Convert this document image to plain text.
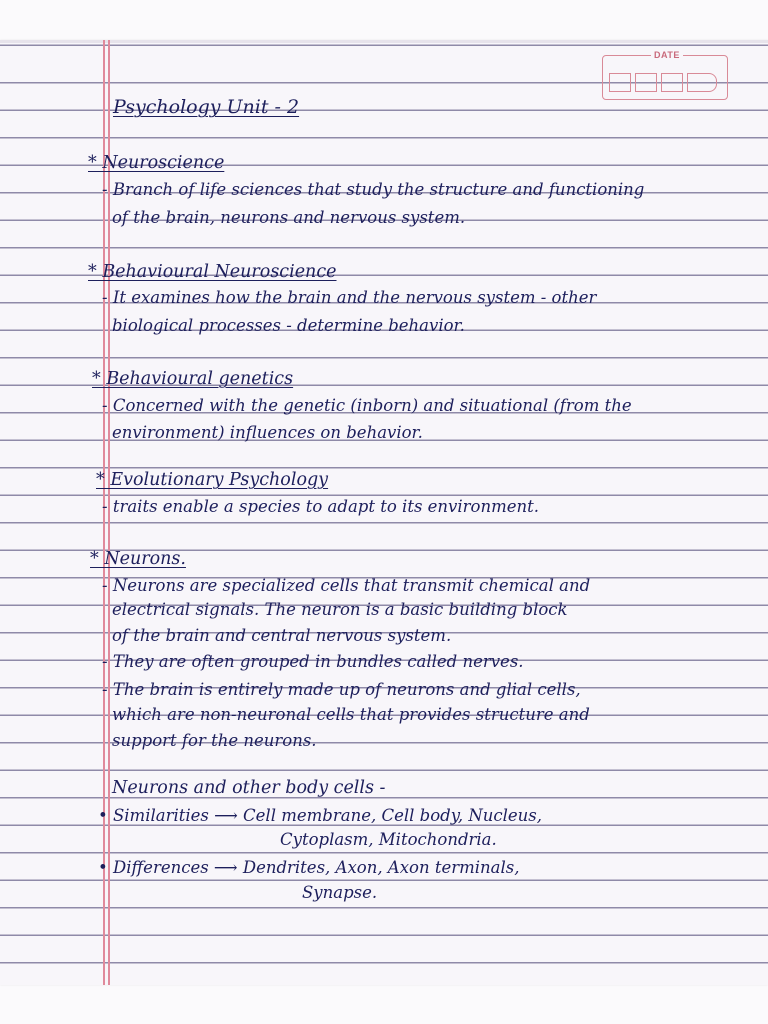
DATE
Psychology Unit - 2
* Neuroscience
- Branch of life sciences that study the structure and functioning
of the brain, neurons and nervous system.
* Behavioural Neuroscience
- It examines how the brain and the nervous system - other
biological processes - determine behavior.
* Behavioural genetics
- Concerned with the genetic (inborn) and situational (from the
environment) influences on behavior.
* Evolutionary Psychology
- traits enable a species to adapt to its environment.
* Neurons.
- Neurons are specialized cells that transmit chemical and
electrical signals. The neuron is a basic building block
of the brain and central nervous system.
- They are often grouped in bundles called nerves.
- The brain is entirely made up of neurons and glial cells,
which are non-neuronal cells that provides structure and
support for the neurons.
Neurons and other body cells -
• Similarities ⟶ Cell membrane, Cell body, Nucleus,
Cytoplasm, Mitochondria.
• Differences ⟶ Dendrites, Axon, Axon terminals,
Synapse.
